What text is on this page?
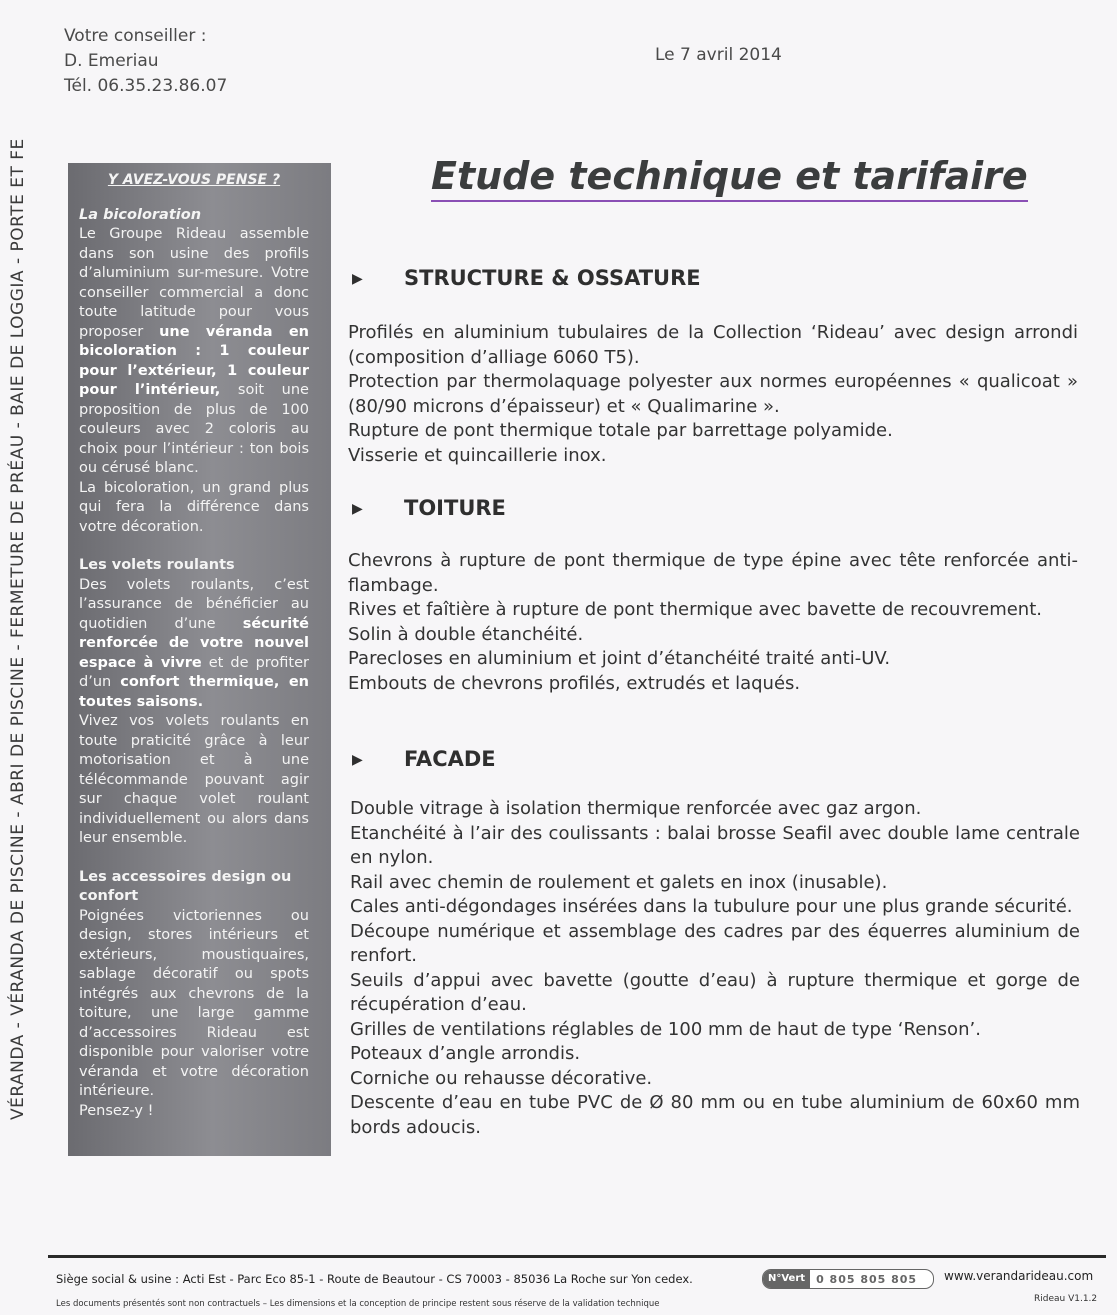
VÉRANDA - VÉRANDA DE PISCINE - ABRI DE PISCINE - FERMETURE DE PRÉAU - BAIE DE LOGGIA - PORTE ET FE
Votre conseiller :
D. Emeriau
Tél. 06.35.23.86.07
Le 7 avril 2014
Y AVEZ-VOUS PENSE ?
La bicoloration

Le Groupe Rideau assemble dans son usine des profils d’aluminium sur-mesure. Votre conseiller commercial a donc toute latitude pour vous proposer une véranda en bicoloration : 1 couleur pour l’extérieur, 1 couleur pour l’intérieur, soit une proposition de plus de 100 couleurs avec 2 coloris au choix pour l’intérieur : ton bois ou cérusé blanc.

La bicoloration, un grand plus qui fera la différence dans votre décoration.

Les volets roulants

Des volets roulants, c’est l’assurance de bénéficier au quotidien d’une sécurité renforcée de votre nouvel espace à vivre et de profiter d’un confort thermique, en toutes saisons.

Vivez vos volets roulants en toute praticité grâce à leur motorisation et à une télécommande pouvant agir sur chaque volet roulant individuellement ou alors dans leur ensemble.

Les accessoires design ou confort

Poignées victoriennes ou design, stores intérieurs et extérieurs, moustiquaires, sablage décoratif ou spots intégrés aux chevrons de la toiture, une large gamme d’accessoires Rideau est disponible pour valoriser votre véranda et votre décoration intérieure.

Pensez-y !

Etude technique et tarifaire
▶ STRUCTURE & OSSATURE

Profilés en aluminium tubulaires de la Collection ‘Rideau’ avec design arrondi (composition d’alliage 6060 T5).

Protection par thermolaquage polyester aux normes européennes « qualicoat » (80/90 microns d’épaisseur) et « Qualimarine ».

Rupture de pont thermique totale par barrettage polyamide.

Visserie et quincaillerie inox.

▶ TOITURE

Chevrons à rupture de pont thermique de type épine avec tête renforcée anti-flambage.

Rives et faîtière à rupture de pont thermique avec bavette de recouvrement.

Solin à double étanchéité.

Parecloses en aluminium et joint d’étanchéité traité anti-UV.

Embouts de chevrons profilés, extrudés et laqués.

▶ FACADE

Double vitrage à isolation thermique renforcée avec gaz argon.

Etanchéité à l’air des coulissants : balai brosse Seafil avec double lame centrale en nylon.

Rail avec chemin de roulement et galets en inox (inusable).

Cales anti-dégondages insérées dans la tubulure pour une plus grande sécurité.

Découpe numérique et assemblage des cadres par des équerres aluminium de renfort.

Seuils d’appui avec bavette (goutte d’eau) à rupture thermique et gorge de récupération d’eau.

Grilles de ventilations réglables de 100 mm de haut de type ‘Renson’.

Poteaux d’angle arrondis.

Corniche ou rehausse décorative.

Descente d’eau en tube PVC de Ø 80 mm ou en tube aluminium de 60x60 mm bords adoucis.

Siège social & usine : Acti Est - Parc Eco 85-1 - Route de Beautour - CS 70003 - 85036 La Roche sur Yon cedex.	N°Vert	0 805 805 805 www.verandarideau.com
Les documents présentés sont non contractuels – Les dimensions et la conception de principe restent sous réserve de la validation technique	Rideau V1.1.2
